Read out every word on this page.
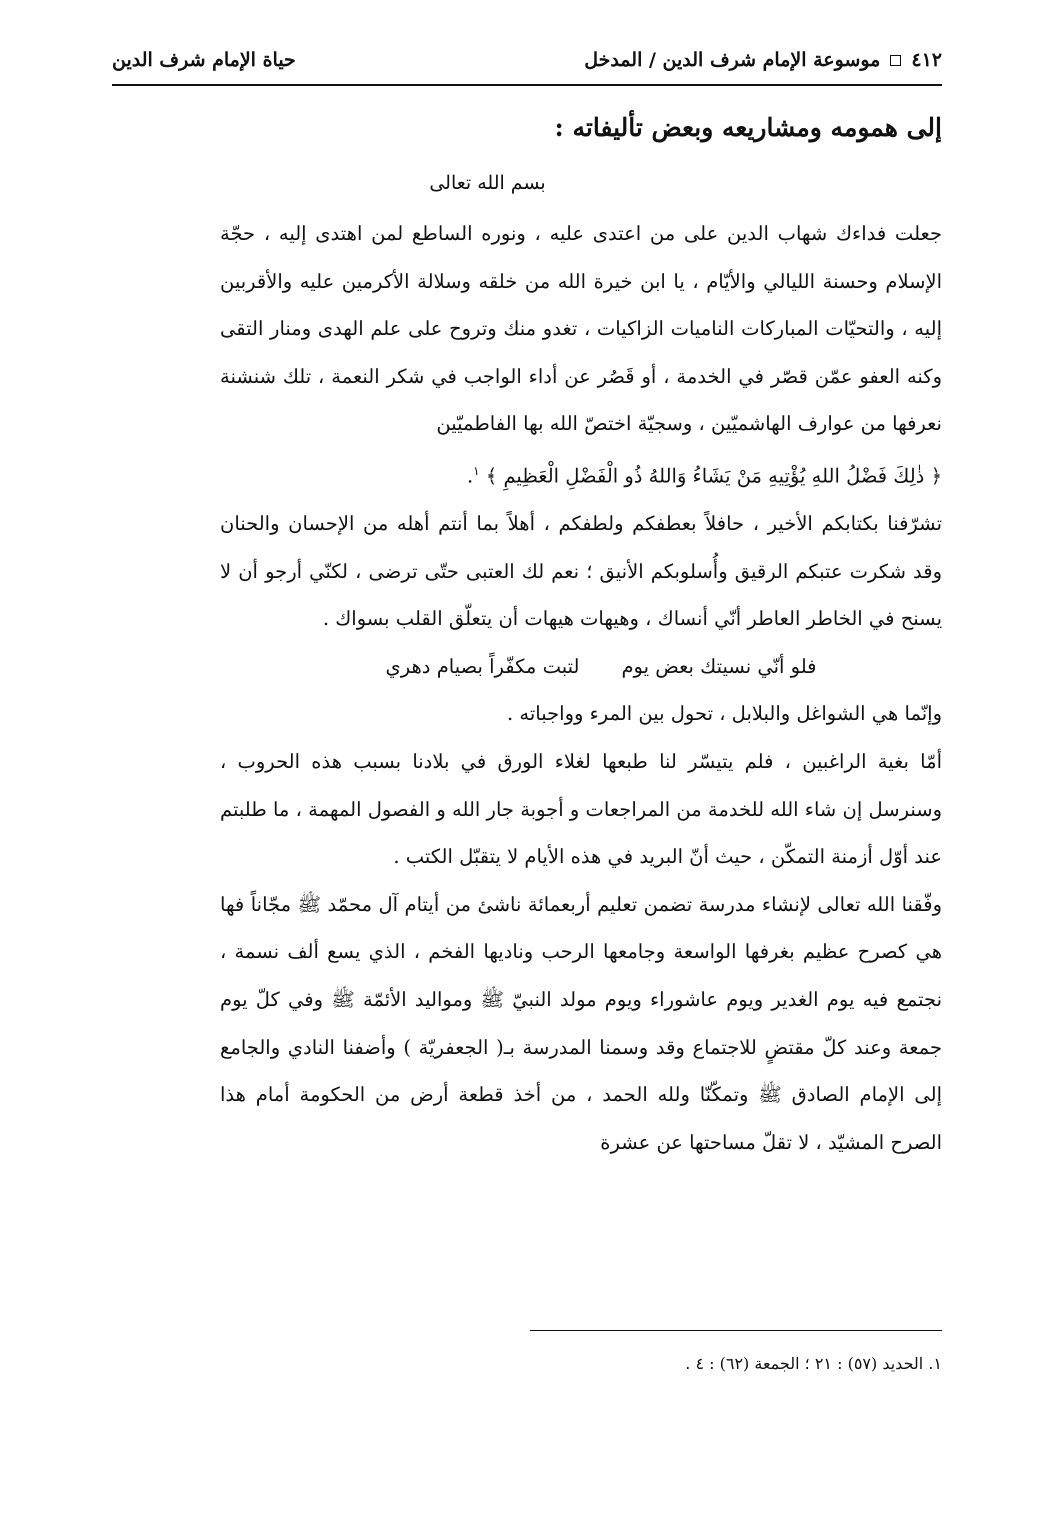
٤١٢
موسوعة الإمام شرف الدين / المدخل
حياة الإمام شرف الدين
إلى همومه ومشاريعه وبعض تأليفاته :
بسم الله تعالى

جعلت فداءك شهاب الدين على من اعتدى عليه ، ونوره الساطع لمن اهتدى إليه ، حجّة الإسلام وحسنة الليالي والأيّام ، يا ابن خيرة الله من خلقه وسلالة الأكرمين عليه والأقربين إليه ، والتحيّات المباركات الناميات الزاكيات ، تغدو منك وتروح على علم الهدى ومنار التقى وكنه العفو عمّن قصّر في الخدمة ، أو قَصُر عن أداء الواجب في شكر النعمة ، تلك شنشنة نعرفها من عوارف الهاشميّين ، وسجيّة اختصّ الله بها الفاطميّين

﴿ ذٰلِكَ فَضْلُ اللهِ يُؤْتِيهِ مَنْ يَشَاءُ وَاللهُ ذُو الْفَضْلِ الْعَظِيمِ ﴾ $^١$.

تشرّفنا بكتابكم الأخير ، حافلاً بعطفكم ولطفكم ، أهلاً بما أنتم أهله من الإحسان والحنان وقد شكرت عتبكم الرقيق وأُسلوبكم الأنيق ؛ نعم لك العتبى حتّى ترضى ، لكنّي أرجو أن لا يسنح في الخاطر العاطر أنّي أنساك ، وهيهات هيهات أن يتعلّق القلب بسواك .

فلو أنّي نسيتك بعض يوم
لتبت مكفّراً بصيام دهري

وإنّما هي الشواغل والبلابل ، تحول بين المرء وواجباته .

أمّا بغية الراغبين ، فلم يتيسّر لنا طبعها لغلاء الورق في بلادنا بسبب هذه الحروب ، وسنرسل إن شاء الله للخدمة من المراجعات و أجوبة جار الله و الفصول المهمة ، ما طلبتم عند أوّل أزمنة التمكّن ، حيث أنّ البريد في هذه الأيام لا يتقبّل الكتب .

وفّقنا الله تعالى لإنشاء مدرسة تضمن تعليم أربعمائة ناشئ من أيتام آل محمّد ﷺ مجّاناً فها هي كصرح عظيم بغرفها الواسعة وجامعها الرحب وناديها الفخم ، الذي يسع ألف نسمة ، نجتمع فيه يوم الغدير ويوم عاشوراء ويوم مولد النبيّ ﷺ ومواليد الأئمّة ﷺ وفي كلّ يوم جمعة وعند كلّ مقتضٍ للاجتماع وقد وسمنا المدرسة بـ( الجعفريّة ) وأضفنا النادي والجامع إلى الإمام الصادق ﷺ وتمكّنّا ولله الحمد ، من أخذ قطعة أرض من الحكومة أمام هذا الصرح المشيّد ، لا تقلّ مساحتها عن عشرة

١. الحديد (٥٧) : ٢١ ؛ الجمعة (٦٢) : ٤ .
